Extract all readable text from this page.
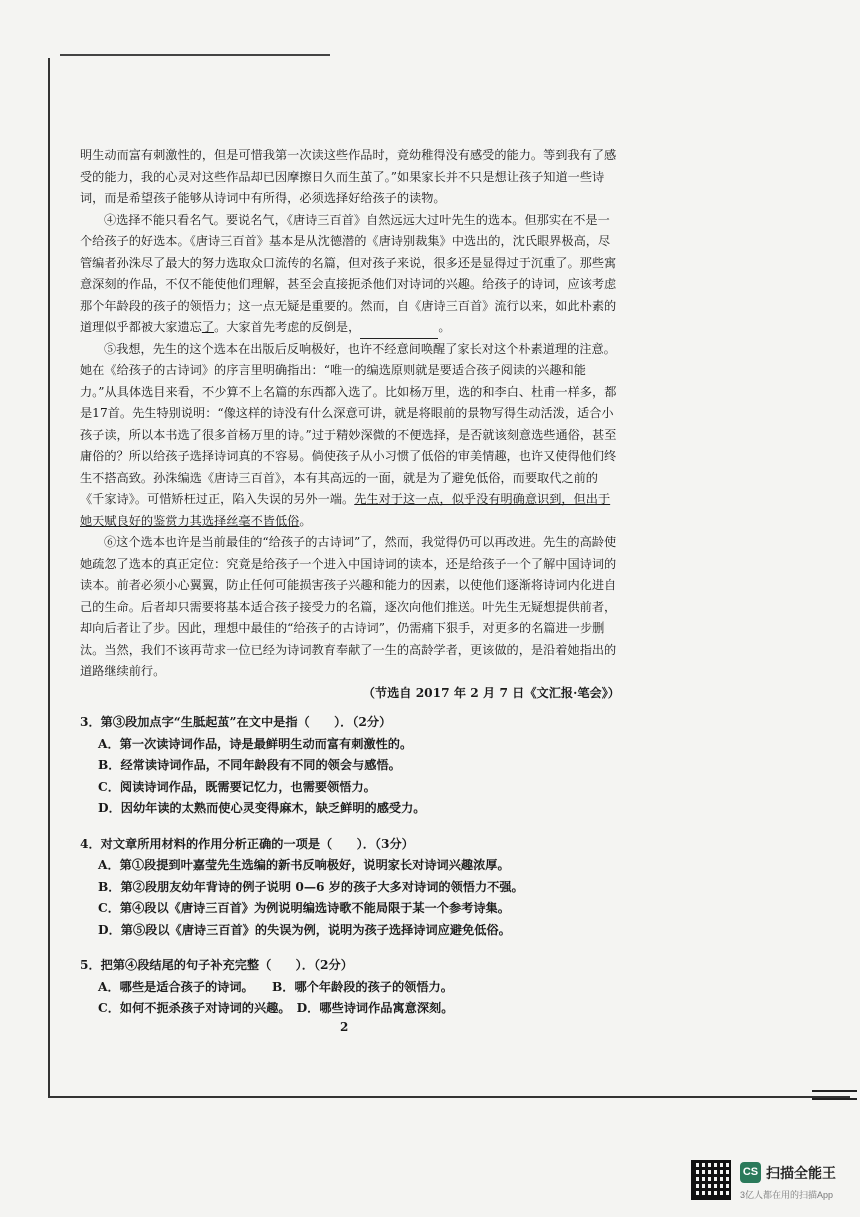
明生动而富有刺激性的，但是可惜我第一次读这些作品时，竟幼稚得没有感受的能力。等到我有了感受的能力，我的心灵对这些作品却已因摩擦日久而生茧了。”如果家长并不只是想让孩子知道一些诗词，而是希望孩子能够从诗词中有所得，必须选择好给孩子的读物。

④选择不能只看名气。要说名气，《唐诗三百首》自然远远大过叶先生的选本。但那实在不是一个给孩子的好选本。《唐诗三百首》基本是从沈德潜的《唐诗别裁集》中选出的，沈氏眼界极高，尽管编者孙洙尽了最大的努力选取众口流传的名篇，但对孩子来说，很多还是显得过于沉重了。那些寓意深刻的作品，不仅不能使他们理解，甚至会直接扼杀他们对诗词的兴趣。给孩子的诗词，应该考虑那个年龄段的孩子的领悟力；这一点无疑是重要的。然而，自《唐诗三百首》流行以来，如此朴素的道理似乎都被大家遗忘了。大家首先考虑的反倒是，	。

⑤我想，先生的这个选本在出版后反响极好，也许不经意间唤醒了家长对这个朴素道理的注意。她在《给孩子的古诗词》的序言里明确指出：“唯一的编选原则就是要适合孩子阅读的兴趣和能力。”从具体选目来看，不少算不上名篇的东西都入选了。比如杨万里，选的和李白、杜甫一样多，都是17首。先生特别说明：“像这样的诗没有什么深意可讲，就是将眼前的景物写得生动活泼，适合小孩子读，所以本书选了很多首杨万里的诗。”过于精妙深微的不便选择，是否就该刻意选些通俗，甚至庸俗的？所以给孩子选择诗词真的不容易。倘使孩子从小习惯了低俗的审美情趣，也许又使得他们终生不搭高致。孙洙编选《唐诗三百首》，本有其高远的一面，就是为了避免低俗，而要取代之前的《千家诗》。可惜矫枉过正，陷入失误的另外一端。先生对于这一点，似乎没有明确意识到，但出于她天赋良好的鉴赏力其选择丝毫不皆低俗。

⑥这个选本也许是当前最佳的“给孩子的古诗词”了，然而，我觉得仍可以再改进。先生的高龄使她疏忽了选本的真正定位：究竟是给孩子一个进入中国诗词的读本，还是给孩子一个了解中国诗词的读本。前者必须小心翼翼，防止任何可能损害孩子兴趣和能力的因素，以使他们逐渐将诗词内化进自己的生命。后者却只需要将基本适合孩子接受力的名篇，逐次向他们推送。叶先生无疑想提供前者，却向后者让了步。因此，理想中最佳的“给孩子的古诗词”，仍需痛下狠手，对更多的名篇进一步删汰。当然，我们不该再苛求一位已经为诗词教育奉献了一生的高龄学者，更该做的，是沿着她指出的道路继续前行。

（节选自 2017 年 2 月 7 日《文汇报·笔会》）

3．第③段加点字“生胝起茧”在文中是指（　　）．（2分）

A．第一次读诗词作品，诗是最鲜明生动而富有刺激性的。

B．经常读诗词作品，不同年龄段有不同的领会与感悟。

C．阅读诗词作品，既需要记忆力，也需要领悟力。

D．因幼年读的太熟而使心灵变得麻木，缺乏鲜明的感受力。

4．对文章所用材料的作用分析正确的一项是（　　）．（3分）

A．第①段提到叶嘉莹先生选编的新书反响极好，说明家长对诗词兴趣浓厚。

B．第②段朋友幼年背诗的例子说明 0—6 岁的孩子大多对诗词的领悟力不强。

C．第④段以《唐诗三百首》为例说明编选诗歌不能局限于某一个参考诗集。

D．第⑤段以《唐诗三百首》的失误为例，说明为孩子选择诗词应避免低俗。

5．把第④段结尾的句子补充完整（　　）．（2分）

A．哪些是适合孩子的诗词。　　B．哪个年龄段的孩子的领悟力。

C．如何不扼杀孩子对诗词的兴趣。　D．哪些诗词作品寓意深刻。

2
CS 扫描全能王
3亿人都在用的扫描App
